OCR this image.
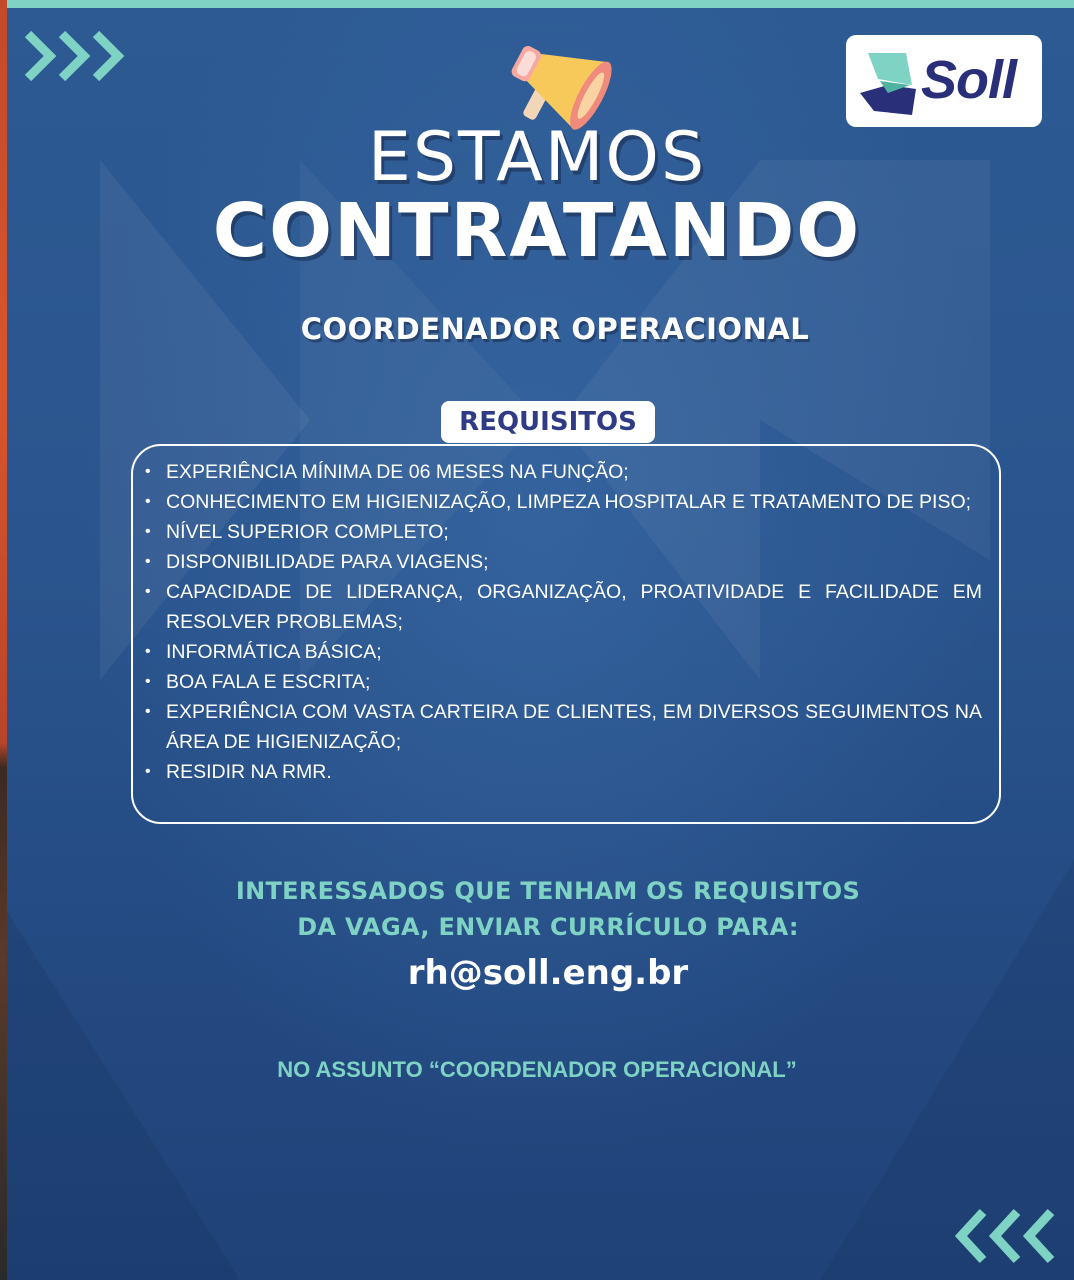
Soll
ESTAMOS
CONTRATANDO
COORDENADOR OPERACIONAL
REQUISITOS
• EXPERIÊNCIA MÍNIMA DE 06 MESES NA FUNÇÃO;
• CONHECIMENTO EM HIGIENIZAÇÃO, LIMPEZA HOSPITALAR E TRATAMENTO DE PISO;
• NÍVEL SUPERIOR COMPLETO;
• DISPONIBILIDADE PARA VIAGENS;
• CAPACIDADE DE LIDERANÇA, ORGANIZAÇÃO, PROATIVIDADE E FACILIDADE EM RESOLVER PROBLEMAS;
• INFORMÁTICA BÁSICA;
• BOA FALA E ESCRITA;
• EXPERIÊNCIA COM VASTA CARTEIRA DE CLIENTES, EM DIVERSOS SEGUIMENTOS NA ÁREA DE HIGIENIZAÇÃO;
• RESIDIR NA RMR.
INTERESSADOS QUE TENHAM OS REQUISITOS
DA VAGA, ENVIAR CURRÍCULO PARA:
rh@soll.eng.br
NO ASSUNTO “COORDENADOR OPERACIONAL”
